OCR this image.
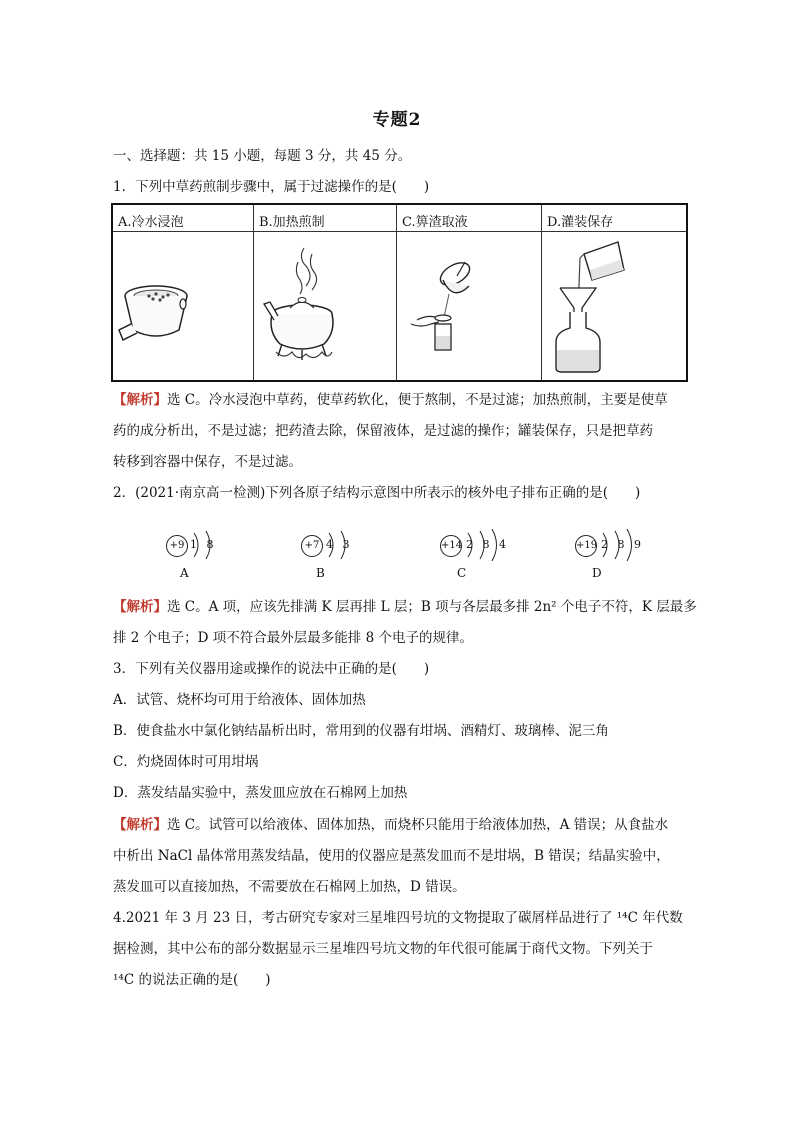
专题2
一、选择题：共 15 小题，每题 3 分，共 45 分。
1．下列中草药煎制步骤中，属于过滤操作的是(　　)
A.冷水浸泡	B.加热煎制	C.箅渣取液	D.灌装保存

【解析】选 C。冷水浸泡中草药，使草药软化，便于熬制，不是过滤；加热煎制，主要是使草
药的成分析出，不是过滤；把药渣去除，保留液体，是过滤的操作；罐装保存，只是把草药
转移到容器中保存，不是过滤。
2．(2021·南京高一检测)下列各原子结构示意图中所表示的核外电子排布正确的是(　　)
+9 1 8
A
+7 4 3
B
+14 2 8 4
C
+19 2 8 9
D
【解析】选 C。A 项，应该先排满 K 层再排 L 层；B 项与各层最多排 2n² 个电子不符，K 层最多
排 2 个电子；D 项不符合最外层最多能排 8 个电子的规律。
3．下列有关仪器用途或操作的说法中正确的是(　　)
A．试管、烧杯均可用于给液体、固体加热
B．使食盐水中氯化钠结晶析出时，常用到的仪器有坩埚、酒精灯、玻璃棒、泥三角
C．灼烧固体时可用坩埚
D．蒸发结晶实验中，蒸发皿应放在石棉网上加热
【解析】选 C。试管可以给液体、固体加热，而烧杯只能用于给液体加热，A 错误；从食盐水
中析出 NaCl 晶体常用蒸发结晶，使用的仪器应是蒸发皿而不是坩埚，B 错误；结晶实验中，
蒸发皿可以直接加热，不需要放在石棉网上加热，D 错误。
4.2021 年 3 月 23 日，考古研究专家对三星堆四号坑的文物提取了碳屑样品进行了 ¹⁴C 年代数
据检测，其中公布的部分数据显示三星堆四号坑文物的年代很可能属于商代文物。下列关于
¹⁴C 的说法正确的是(　　)
